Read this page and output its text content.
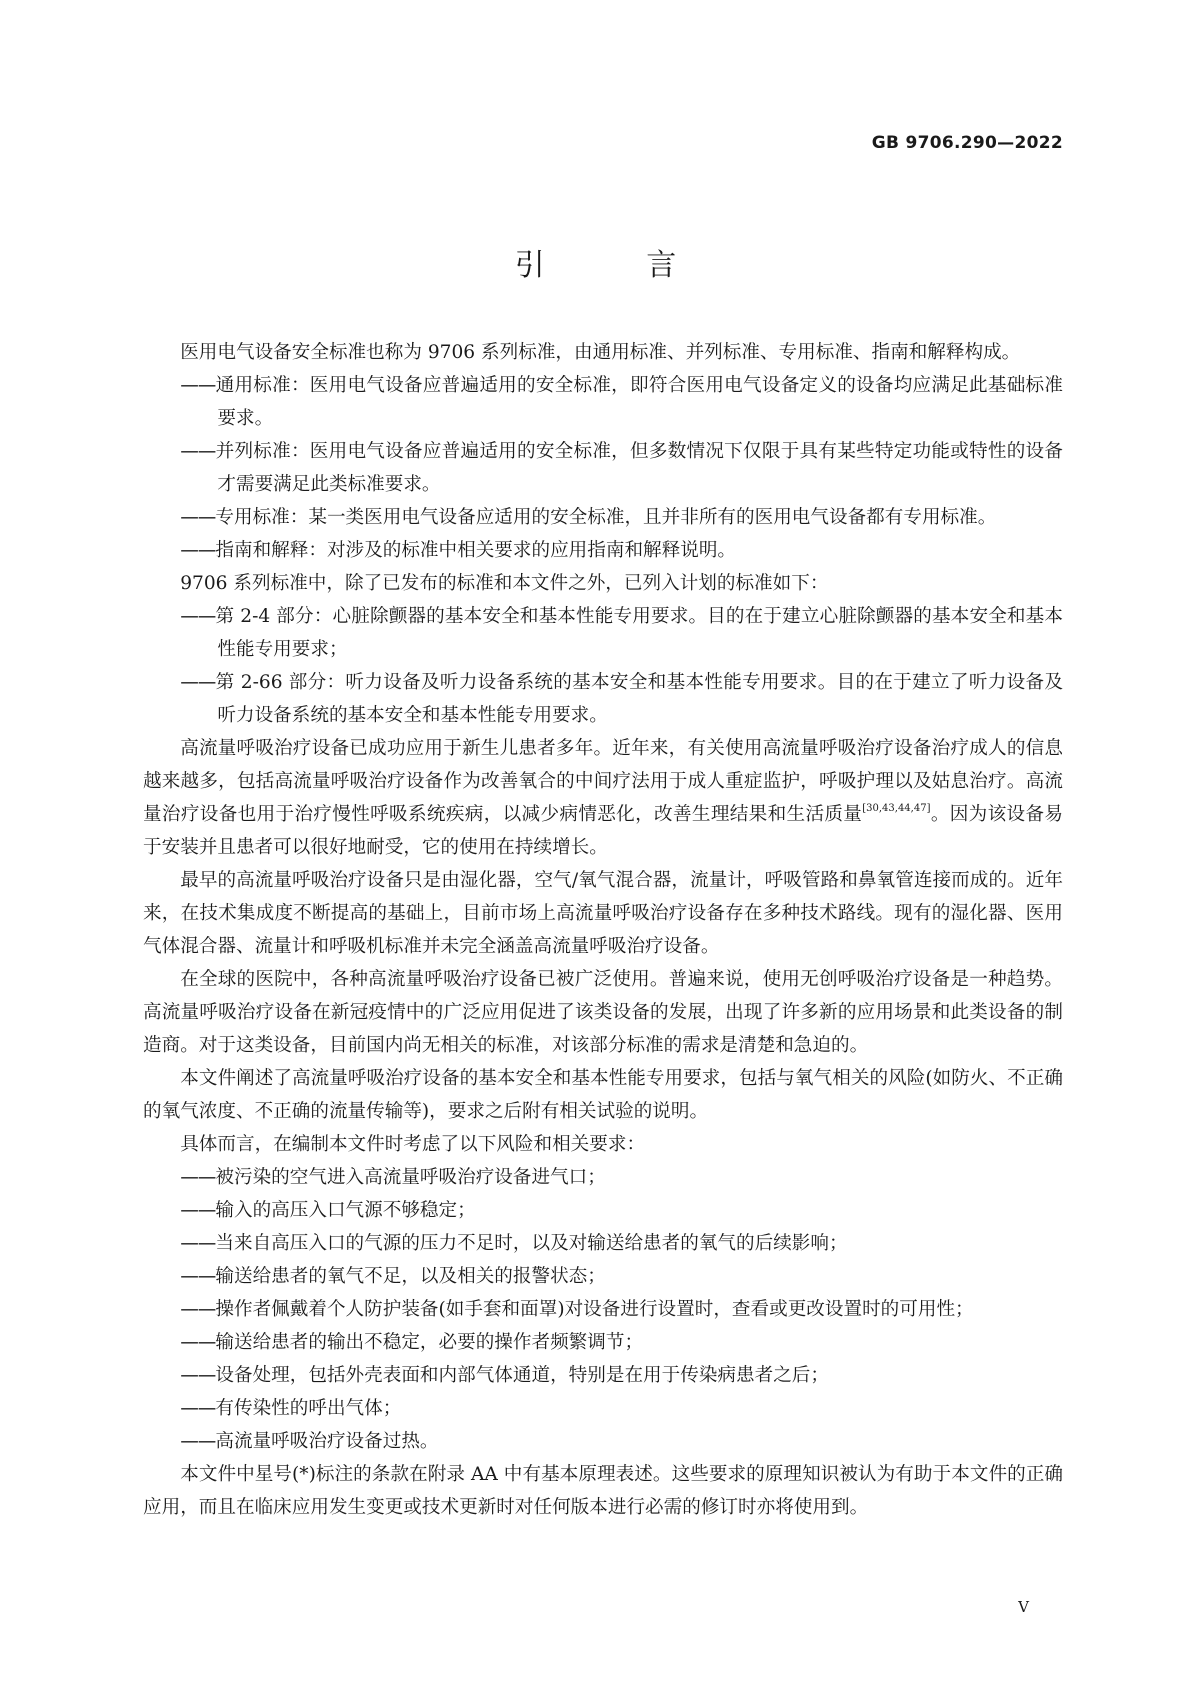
GB 9706.290—2022
引 言

医用电气设备安全标准也称为 9706 系列标准，由通用标准、并列标准、专用标准、指南和解释构成。

——通用标准：医用电气设备应普遍适用的安全标准，即符合医用电气设备定义的设备均应满足此基础标准要求。

——并列标准：医用电气设备应普遍适用的安全标准，但多数情况下仅限于具有某些特定功能或特性的设备才需要满足此类标准要求。

——专用标准：某一类医用电气设备应适用的安全标准，且并非所有的医用电气设备都有专用标准。

——指南和解释：对涉及的标准中相关要求的应用指南和解释说明。

9706 系列标准中，除了已发布的标准和本文件之外，已列入计划的标准如下：

——第 2-4 部分：心脏除颤器的基本安全和基本性能专用要求。目的在于建立心脏除颤器的基本安全和基本性能专用要求；

——第 2-66 部分：听力设备及听力设备系统的基本安全和基本性能专用要求。目的在于建立了听力设备及听力设备系统的基本安全和基本性能专用要求。

高流量呼吸治疗设备已成功应用于新生儿患者多年。近年来，有关使用高流量呼吸治疗设备治疗成人的信息越来越多，包括高流量呼吸治疗设备作为改善氧合的中间疗法用于成人重症监护，呼吸护理以及姑息治疗。高流量治疗设备也用于治疗慢性呼吸系统疾病，以减少病情恶化，改善生理结果和生活质量[30,43,44,47]。因为该设备易于安装并且患者可以很好地耐受，它的使用在持续增长。

最早的高流量呼吸治疗设备只是由湿化器，空气/氧气混合器，流量计，呼吸管路和鼻氧管连接而成的。近年来，在技术集成度不断提高的基础上，目前市场上高流量呼吸治疗设备存在多种技术路线。现有的湿化器、医用气体混合器、流量计和呼吸机标准并未完全涵盖高流量呼吸治疗设备。

在全球的医院中，各种高流量呼吸治疗设备已被广泛使用。普遍来说，使用无创呼吸治疗设备是一种趋势。高流量呼吸治疗设备在新冠疫情中的广泛应用促进了该类设备的发展，出现了许多新的应用场景和此类设备的制造商。对于这类设备，目前国内尚无相关的标准，对该部分标准的需求是清楚和急迫的。

本文件阐述了高流量呼吸治疗设备的基本安全和基本性能专用要求，包括与氧气相关的风险(如防火、不正确的氧气浓度、不正确的流量传输等)，要求之后附有相关试验的说明。

具体而言，在编制本文件时考虑了以下风险和相关要求：

——被污染的空气进入高流量呼吸治疗设备进气口；

——输入的高压入口气源不够稳定；

——当来自高压入口的气源的压力不足时，以及对输送给患者的氧气的后续影响；

——输送给患者的氧气不足，以及相关的报警状态；

——操作者佩戴着个人防护装备(如手套和面罩)对设备进行设置时，查看或更改设置时的可用性；

——输送给患者的输出不稳定，必要的操作者频繁调节；

——设备处理，包括外壳表面和内部气体通道，特别是在用于传染病患者之后；

——有传染性的呼出气体；

——高流量呼吸治疗设备过热。

本文件中星号(*)标注的条款在附录 AA 中有基本原理表述。这些要求的原理知识被认为有助于本文件的正确应用，而且在临床应用发生变更或技术更新时对任何版本进行必需的修订时亦将使用到。

V
